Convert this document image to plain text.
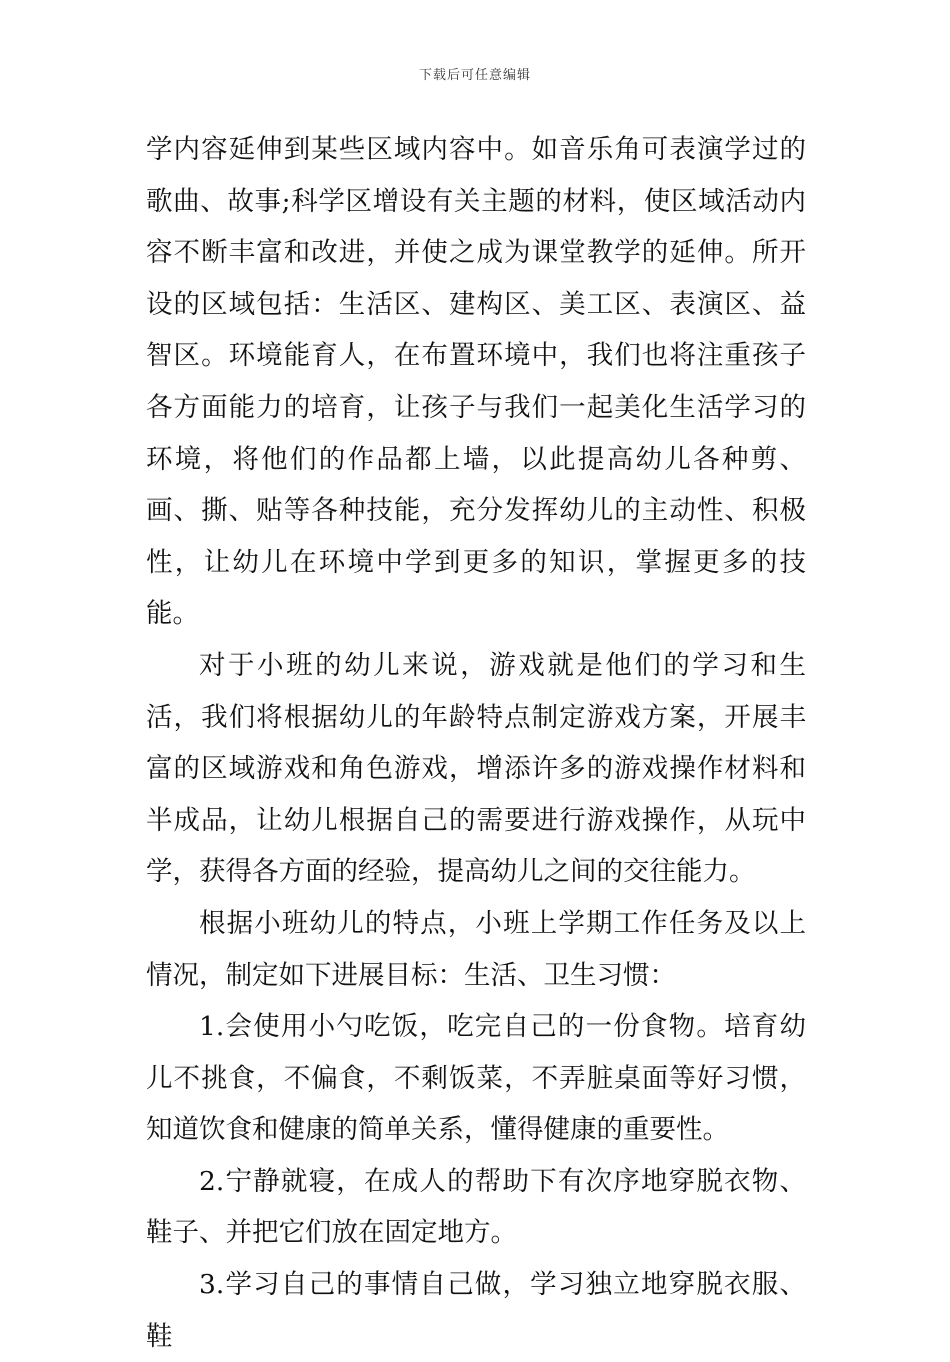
下载后可任意编辑

学内容延伸到某些区域内容中。如音乐角可表演学过的歌曲、故事;科学区增设有关主题的材料，使区域活动内容不断丰富和改进，并使之成为课堂教学的延伸。所开设的区域包括：生活区、建构区、美工区、表演区、益智区。环境能育人，在布置环境中，我们也将注重孩子各方面能力的培育，让孩子与我们一起美化生活学习的环境，将他们的作品都上墙，以此提高幼儿各种剪、画、撕、贴等各种技能，充分发挥幼儿的主动性、积极性，让幼儿在环境中学到更多的知识，掌握更多的技能。

对于小班的幼儿来说，游戏就是他们的学习和生活，我们将根据幼儿的年龄特点制定游戏方案，开展丰富的区域游戏和角色游戏，增添许多的游戏操作材料和半成品，让幼儿根据自己的需要进行游戏操作，从玩中学，获得各方面的经验，提高幼儿之间的交往能力。

根据小班幼儿的特点，小班上学期工作任务及以上情况，制定如下进展目标：生活、卫生习惯：

1.会使用小勺吃饭，吃完自己的一份食物。培育幼儿不挑食，不偏食，不剩饭菜，不弄脏桌面等好习惯，知道饮食和健康的简单关系，懂得健康的重要性。

2.宁静就寝，在成人的帮助下有次序地穿脱衣物、鞋子、并把它们放在固定地方。

3.学习自己的事情自己做，学习独立地穿脱衣服、鞋
